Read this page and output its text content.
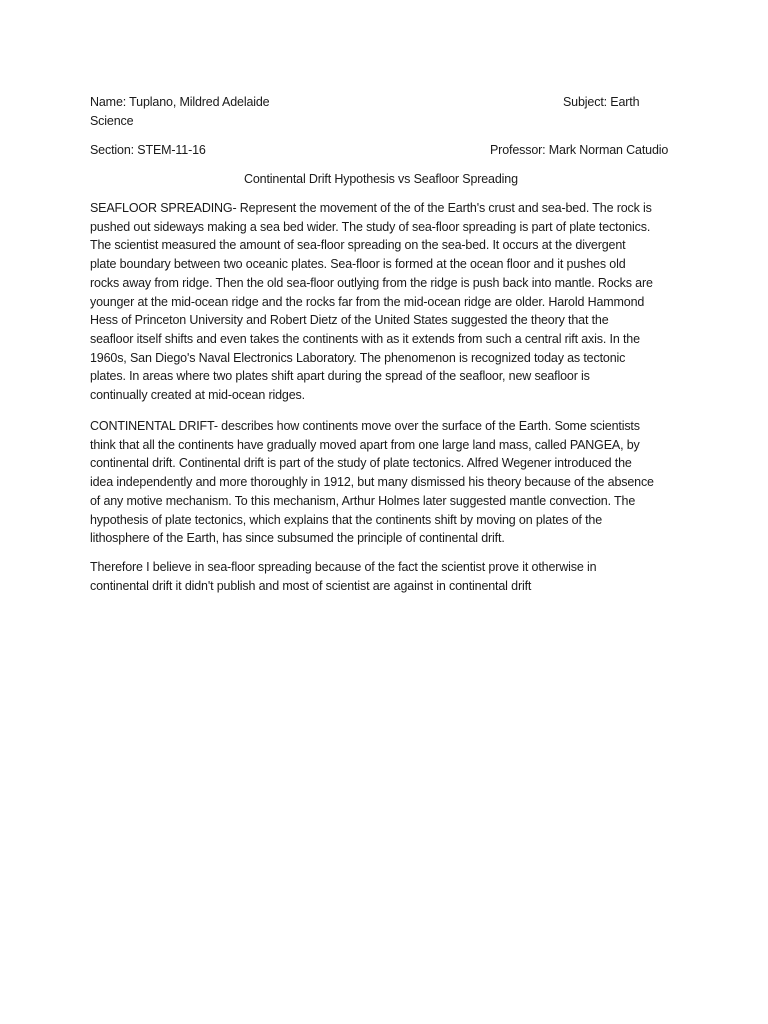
Name: Tuplano, Mildred Adelaide	Subject: Earth
Science
Section: STEM-11-16	Professor: Mark Norman Catudio
Continental Drift Hypothesis vs Seafloor Spreading
SEAFLOOR SPREADING- Represent the movement of the of the Earth's crust and sea-bed. The rock is
pushed out sideways making a sea bed wider. The study of sea-floor spreading is part of plate tectonics.
The scientist measured the amount of sea-floor spreading on the sea-bed. It occurs at the divergent
plate boundary between two oceanic plates. Sea-floor is formed at the ocean floor and it pushes old
rocks away from ridge. Then the old sea-floor outlying from the ridge is push back into mantle. Rocks are
younger at the mid-ocean ridge and the rocks far from the mid-ocean ridge are older. Harold Hammond
Hess of Princeton University and Robert Dietz of the United States suggested the theory that the
seafloor itself shifts and even takes the continents with as it extends from such a central rift axis. In the
1960s, San Diego's Naval Electronics Laboratory. The phenomenon is recognized today as tectonic
plates. In areas where two plates shift apart during the spread of the seafloor, new seafloor is
continually created at mid-ocean ridges.
CONTINENTAL DRIFT- describes how continents move over the surface of the Earth. Some scientists
think that all the continents have gradually moved apart from one large land mass, called PANGEA, by
continental drift. Continental drift is part of the study of plate tectonics. Alfred Wegener introduced the
idea independently and more thoroughly in 1912, but many dismissed his theory because of the absence
of any motive mechanism. To this mechanism, Arthur Holmes later suggested mantle convection. The
hypothesis of plate tectonics, which explains that the continents shift by moving on plates of the
lithosphere of the Earth, has since subsumed the principle of continental drift.
Therefore I believe in sea-floor spreading because of the fact the scientist prove it otherwise in
continental drift it didn't publish and most of scientist are against in continental drift
